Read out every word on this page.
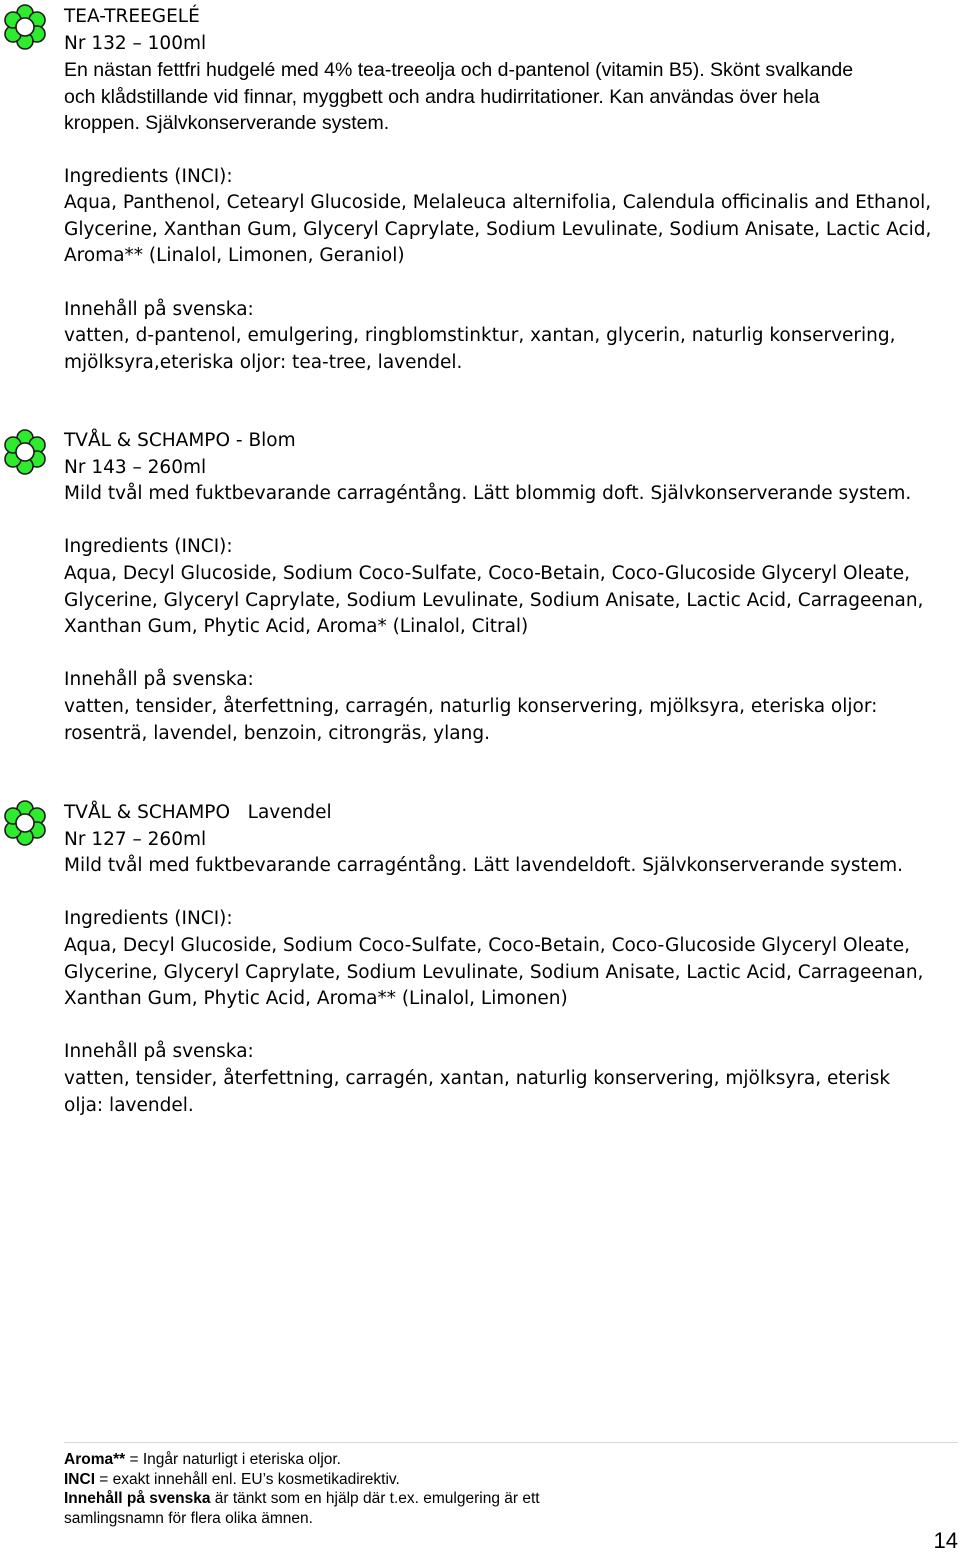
TEA-TREEGELÉ
Nr 132 – 100ml
En nästan fettfri hudgelé med 4% tea-treeolja och d-pantenol (vitamin B5). Skönt svalkande
och klådstillande vid finnar, myggbett och andra hudirritationer. Kan användas över hela
kroppen. Självkonserverande system.
Ingredients (INCI):
Aqua, Panthenol, Cetearyl Glucoside, Melaleuca alternifolia, Calendula officinalis and Ethanol,
Glycerine, Xanthan Gum, Glyceryl Caprylate, Sodium Levulinate, Sodium Anisate, Lactic Acid,
Aroma** (Linalol, Limonen, Geraniol)
Innehåll på svenska:
vatten, d-pantenol, emulgering, ringblomstinktur, xantan, glycerin, naturlig konservering,
mjölksyra,eteriska oljor: tea-tree, lavendel.
TVÅL & SCHAMPO - Blom
Nr 143 – 260ml
Mild tvål med fuktbevarande carragéntång. Lätt blommig doft. Självkonserverande system.
Ingredients (INCI):
Aqua, Decyl Glucoside, Sodium Coco-Sulfate, Coco-Betain, Coco-Glucoside Glyceryl Oleate,
Glycerine, Glyceryl Caprylate, Sodium Levulinate, Sodium Anisate, Lactic Acid, Carrageenan,
Xanthan Gum, Phytic Acid, Aroma* (Linalol, Citral)
Innehåll på svenska:
vatten, tensider, återfettning, carragén, naturlig konservering, mjölksyra, eteriska oljor:
rosenträ, lavendel, benzoin, citrongräs, ylang.
TVÅL & SCHAMPO   Lavendel
Nr 127 – 260ml
Mild tvål med fuktbevarande carragéntång. Lätt lavendeldoft. Självkonserverande system.
Ingredients (INCI):
Aqua, Decyl Glucoside, Sodium Coco-Sulfate, Coco-Betain, Coco-Glucoside Glyceryl Oleate,
Glycerine, Glyceryl Caprylate, Sodium Levulinate, Sodium Anisate, Lactic Acid, Carrageenan,
Xanthan Gum, Phytic Acid, Aroma** (Linalol, Limonen)
Innehåll på svenska:
vatten, tensider, återfettning, carragén, xantan, naturlig konservering, mjölksyra, eterisk
olja: lavendel.
Aroma** = Ingår naturligt i eteriska oljor.
INCI = exakt innehåll enl. EU’s kosmetikadirektiv.
Innehåll på svenska är tänkt som en hjälp där t.ex. emulgering är ett
samlingsnamn för flera olika ämnen.
14
